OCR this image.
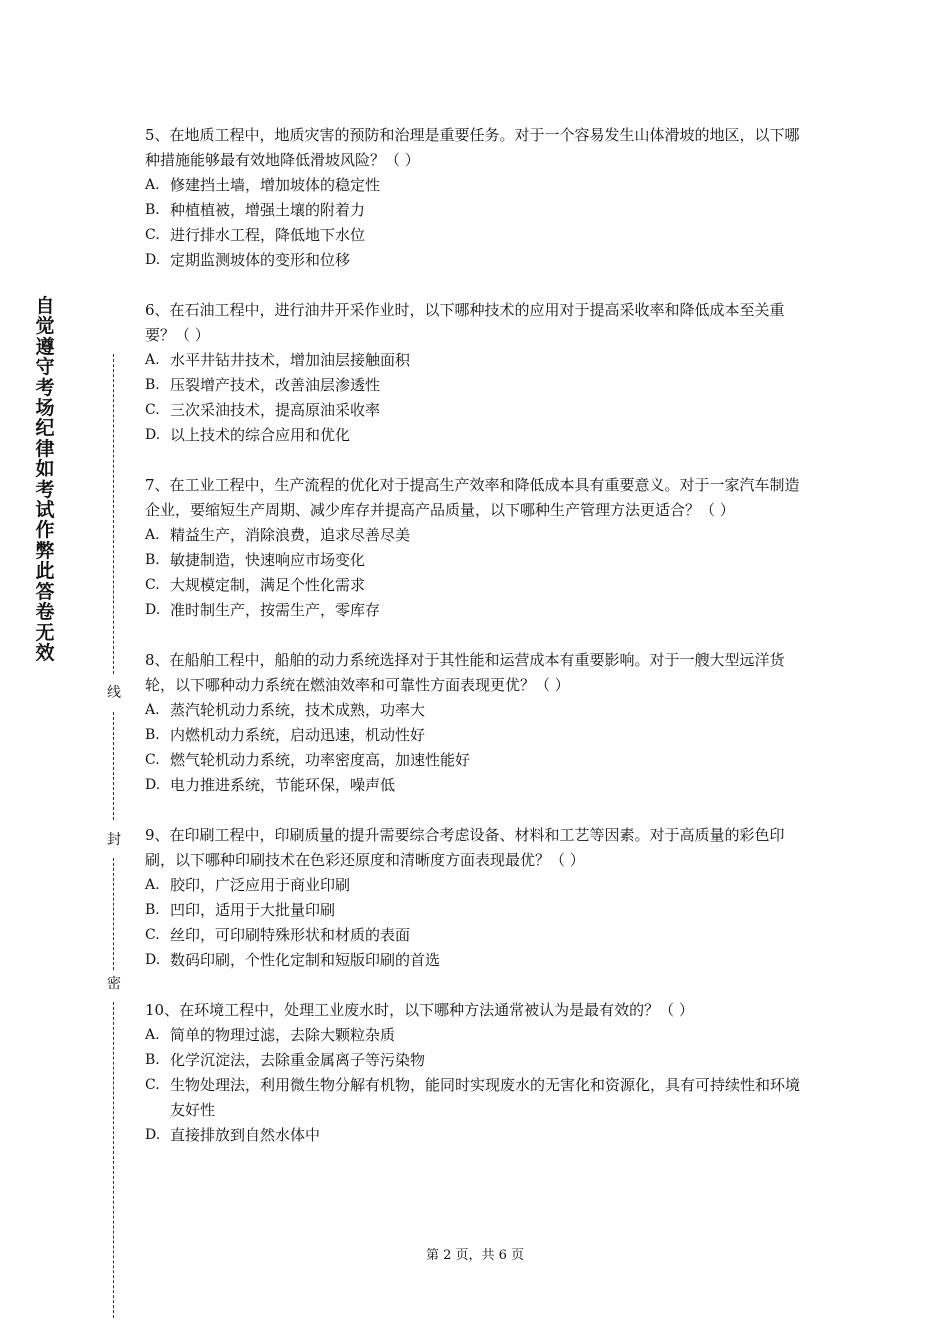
自觉遵守考场纪律如考试作弊此答卷无效
线
封
密

5、在地质工程中，地质灾害的预防和治理是重要任务。对于一个容易发生山体滑坡的地区，以下哪种措施能够最有效地降低滑坡风险？（ ）

A. 修建挡土墙，增加坡体的稳定性
B. 种植植被，增强土壤的附着力
C. 进行排水工程，降低地下水位
D. 定期监测坡体的变形和位移

6、在石油工程中，进行油井开采作业时，以下哪种技术的应用对于提高采收率和降低成本至关重要？（ ）

A. 水平井钻井技术，增加油层接触面积
B. 压裂增产技术，改善油层渗透性
C. 三次采油技术，提高原油采收率
D. 以上技术的综合应用和优化

7、在工业工程中，生产流程的优化对于提高生产效率和降低成本具有重要意义。对于一家汽车制造企业，要缩短生产周期、减少库存并提高产品质量，以下哪种生产管理方法更适合？（ ）

A. 精益生产，消除浪费，追求尽善尽美
B. 敏捷制造，快速响应市场变化
C. 大规模定制，满足个性化需求
D. 准时制生产，按需生产，零库存

8、在船舶工程中，船舶的动力系统选择对于其性能和运营成本有重要影响。对于一艘大型远洋货轮，以下哪种动力系统在燃油效率和可靠性方面表现更优？（ ）

A. 蒸汽轮机动力系统，技术成熟，功率大
B. 内燃机动力系统，启动迅速，机动性好
C. 燃气轮机动力系统，功率密度高，加速性能好
D. 电力推进系统，节能环保，噪声低

9、在印刷工程中，印刷质量的提升需要综合考虑设备、材料和工艺等因素。对于高质量的彩色印刷，以下哪种印刷技术在色彩还原度和清晰度方面表现最优？（ ）

A. 胶印，广泛应用于商业印刷
B. 凹印，适用于大批量印刷
C. 丝印，可印刷特殊形状和材质的表面
D. 数码印刷，个性化定制和短版印刷的首选

10、在环境工程中，处理工业废水时，以下哪种方法通常被认为是最有效的？（ ）

A. 简单的物理过滤，去除大颗粒杂质
B. 化学沉淀法，去除重金属离子等污染物
C. 生物处理法，利用微生物分解有机物，能同时实现废水的无害化和资源化，具有可持续性和环境友好性
D. 直接排放到自然水体中
第 2 页，共 6 页
